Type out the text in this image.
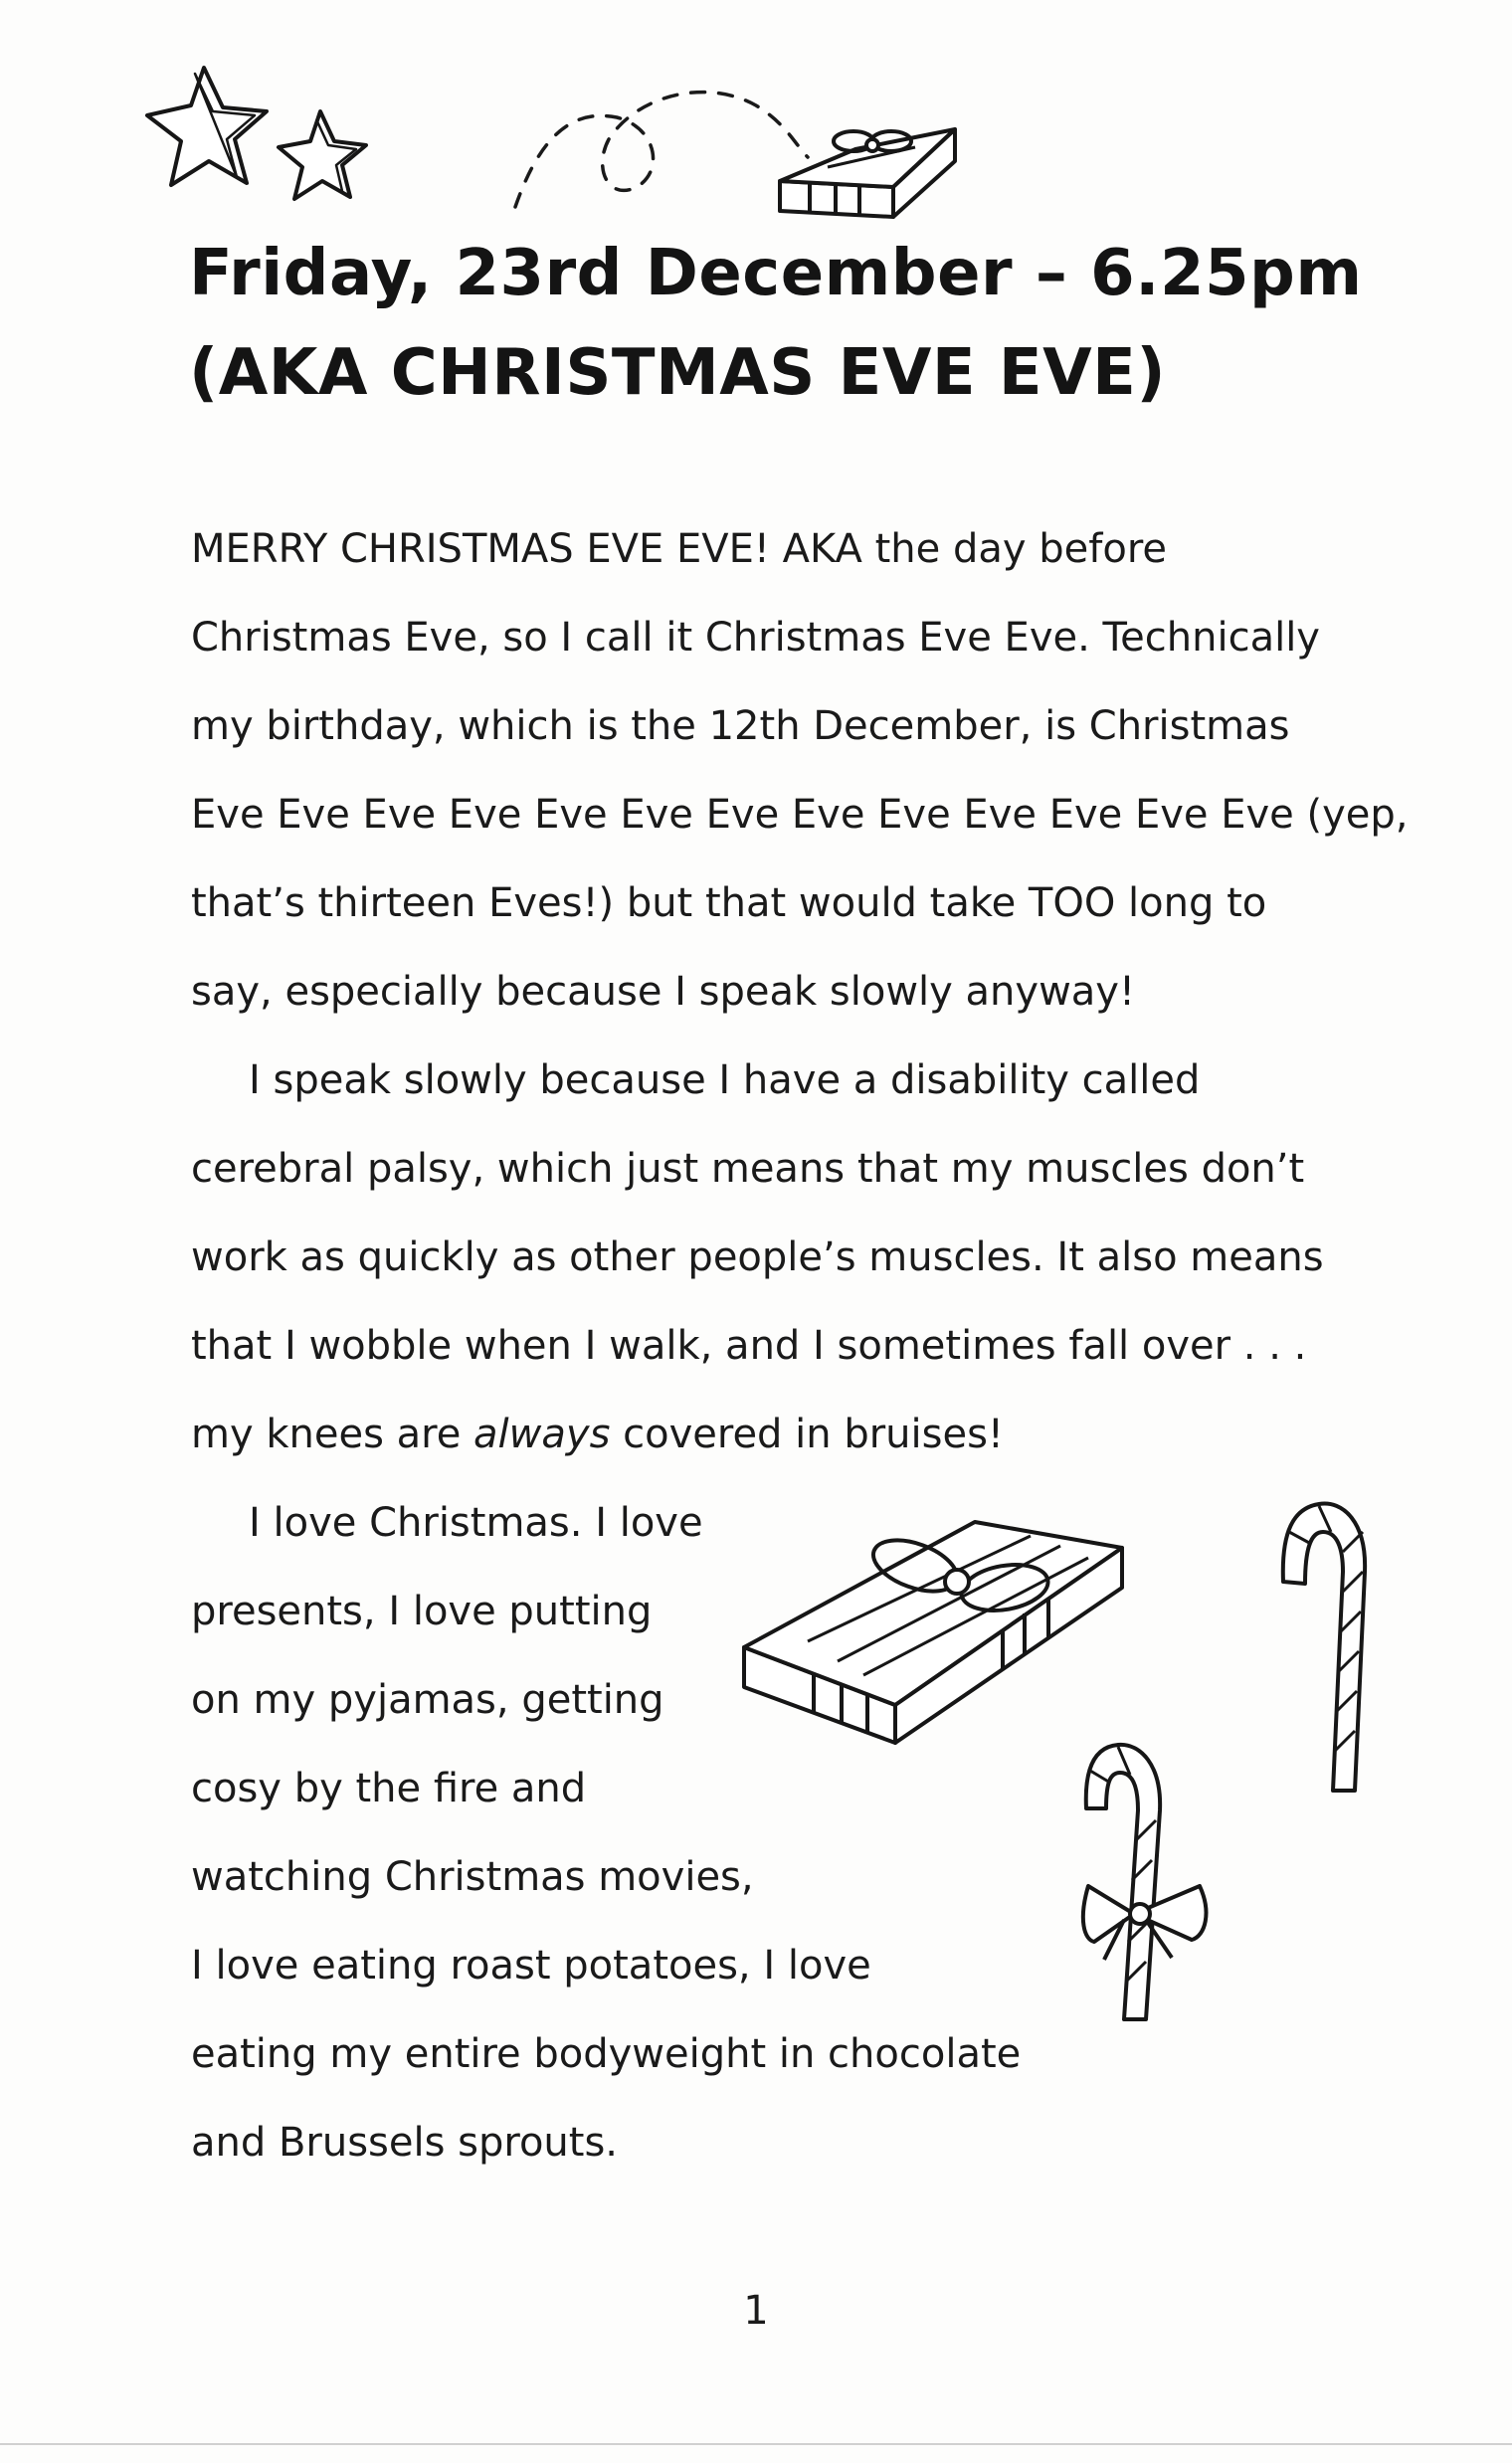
Friday, 23rd December – 6.25pm
(AKA CHRISTMAS EVE EVE)
MERRY CHRISTMAS EVE EVE! AKA the day before
Christmas Eve, so I call it Christmas Eve Eve. Technically
my birthday, which is the 12th December, is Christmas
Eve Eve Eve Eve Eve Eve Eve Eve Eve Eve Eve Eve Eve (yep,
that’s thirteen Eves!) but that would take TOO long to
say, especially because I speak slowly anyway!
I speak slowly because I have a disability called
cerebral palsy, which just means that my muscles don’t
work as quickly as other people’s muscles. It also means
that I wobble when I walk, and I sometimes fall over . . .
my knees are always covered in bruises!
I love Christmas. I love
presents, I love putting
on my pyjamas, getting
cosy by the fire and
watching Christmas movies,
I love eating roast potatoes, I love
eating my entire bodyweight in chocolate
and Brussels sprouts.
1
